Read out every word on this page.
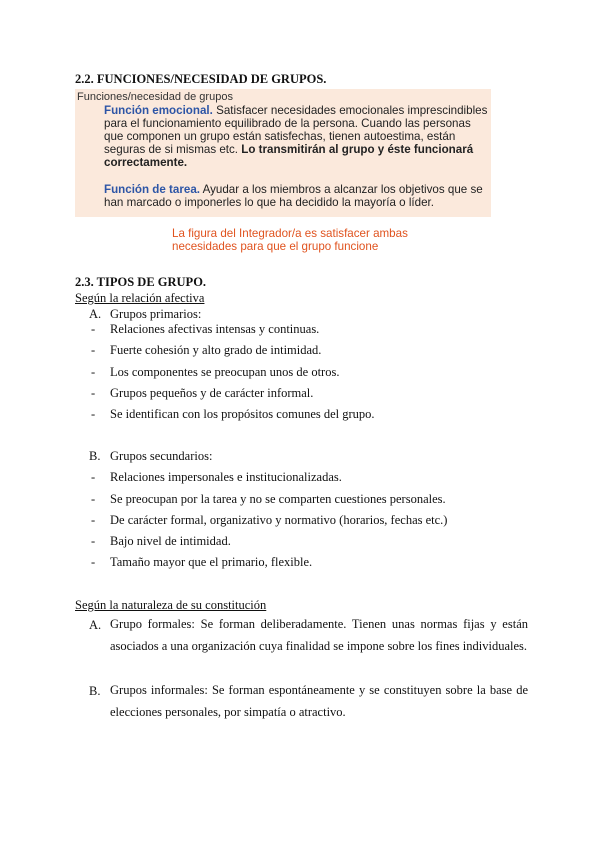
2.2. FUNCIONES/NECESIDAD DE GRUPOS.
Funciones/necesidad de grupos
Función emocional. Satisfacer necesidades emocionales imprescindibles para el funcionamiento equilibrado de la persona. Cuando las personas que componen un grupo están satisfechas, tienen autoestima, están seguras de si mismas etc. Lo transmitirán al grupo y éste funcionará correctamente.
Función de tarea. Ayudar a los miembros a alcanzar los objetivos que se han marcado o imponerles lo que ha decidido la mayoría o líder.
La figura del Integrador/a es satisfacer ambas
necesidades para que el grupo funcione
2.3. TIPOS DE GRUPO.
Según la relación afectiva
A. Grupos primarios:
- Relaciones afectivas intensas y continuas.
- Fuerte cohesión y alto grado de intimidad.
- Los componentes se preocupan unos de otros.
- Grupos pequeños y de carácter informal.
- Se identifican con los propósitos comunes del grupo.
B. Grupos secundarios:
- Relaciones impersonales e institucionalizadas.
- Se preocupan por la tarea y no se comparten cuestiones personales.
- De carácter formal, organizativo y normativo (horarios, fechas etc.)
- Bajo nivel de intimidad.
- Tamaño mayor que el primario, flexible.
Según la naturaleza de su constitución
A. Grupo formales: Se forman deliberadamente. Tienen unas normas fijas y están asociados a una organización cuya finalidad se impone sobre los fines individuales.
B. Grupos informales: Se forman espontáneamente y se constituyen sobre la base de elecciones personales, por simpatía o atractivo.
